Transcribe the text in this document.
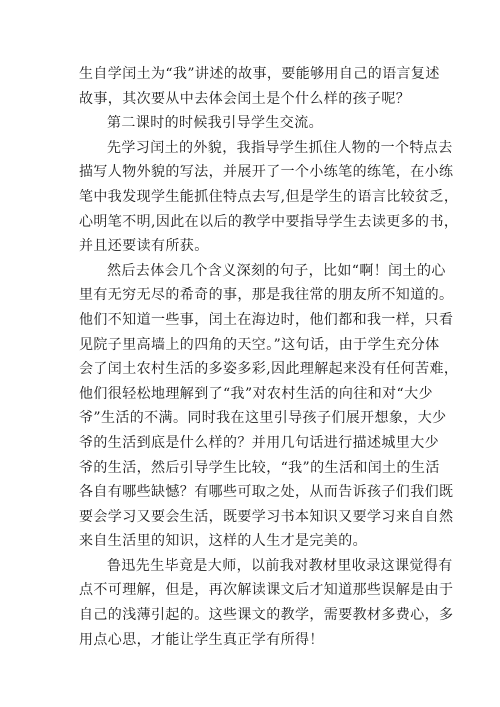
生自学闰土为“我”讲述的故事，要能够用自己的语言复述
故事，其次要从中去体会闰土是个什么样的孩子呢？
第二课时的时候我引导学生交流。
先学习闰土的外貌，我指导学生抓住人物的一个特点去
描写人物外貌的写法，并展开了一个小练笔的练笔，在小练
笔中我发现学生能抓住特点去写,但是学生的语言比较贫乏，
心明笔不明,因此在以后的教学中要指导学生去读更多的书，
并且还要读有所获。
然后去体会几个含义深刻的句子，比如“啊！闰土的心
里有无穷无尽的希奇的事，那是我往常的朋友所不知道的。
他们不知道一些事，闰土在海边时，他们都和我一样，只看
见院子里高墙上的四角的天空。”这句话，由于学生充分体
会了闰土农村生活的多姿多彩,因此理解起来没有任何苦难，
他们很轻松地理解到了“我”对农村生活的向往和对“大少
爷”生活的不满。同时我在这里引导孩子们展开想象，大少
爷的生活到底是什么样的？并用几句话进行描述城里大少
爷的生活，然后引导学生比较，“我”的生活和闰土的生活
各自有哪些缺憾？有哪些可取之处，从而告诉孩子们我们既
要会学习又要会生活，既要学习书本知识又要学习来自自然
来自生活里的知识，这样的人生才是完美的。
鲁迅先生毕竟是大师，以前我对教材里收录这课觉得有
点不可理解，但是，再次解读课文后才知道那些误解是由于
自己的浅薄引起的。这些课文的教学，需要教材多费心，多
用点心思，才能让学生真正学有所得！
